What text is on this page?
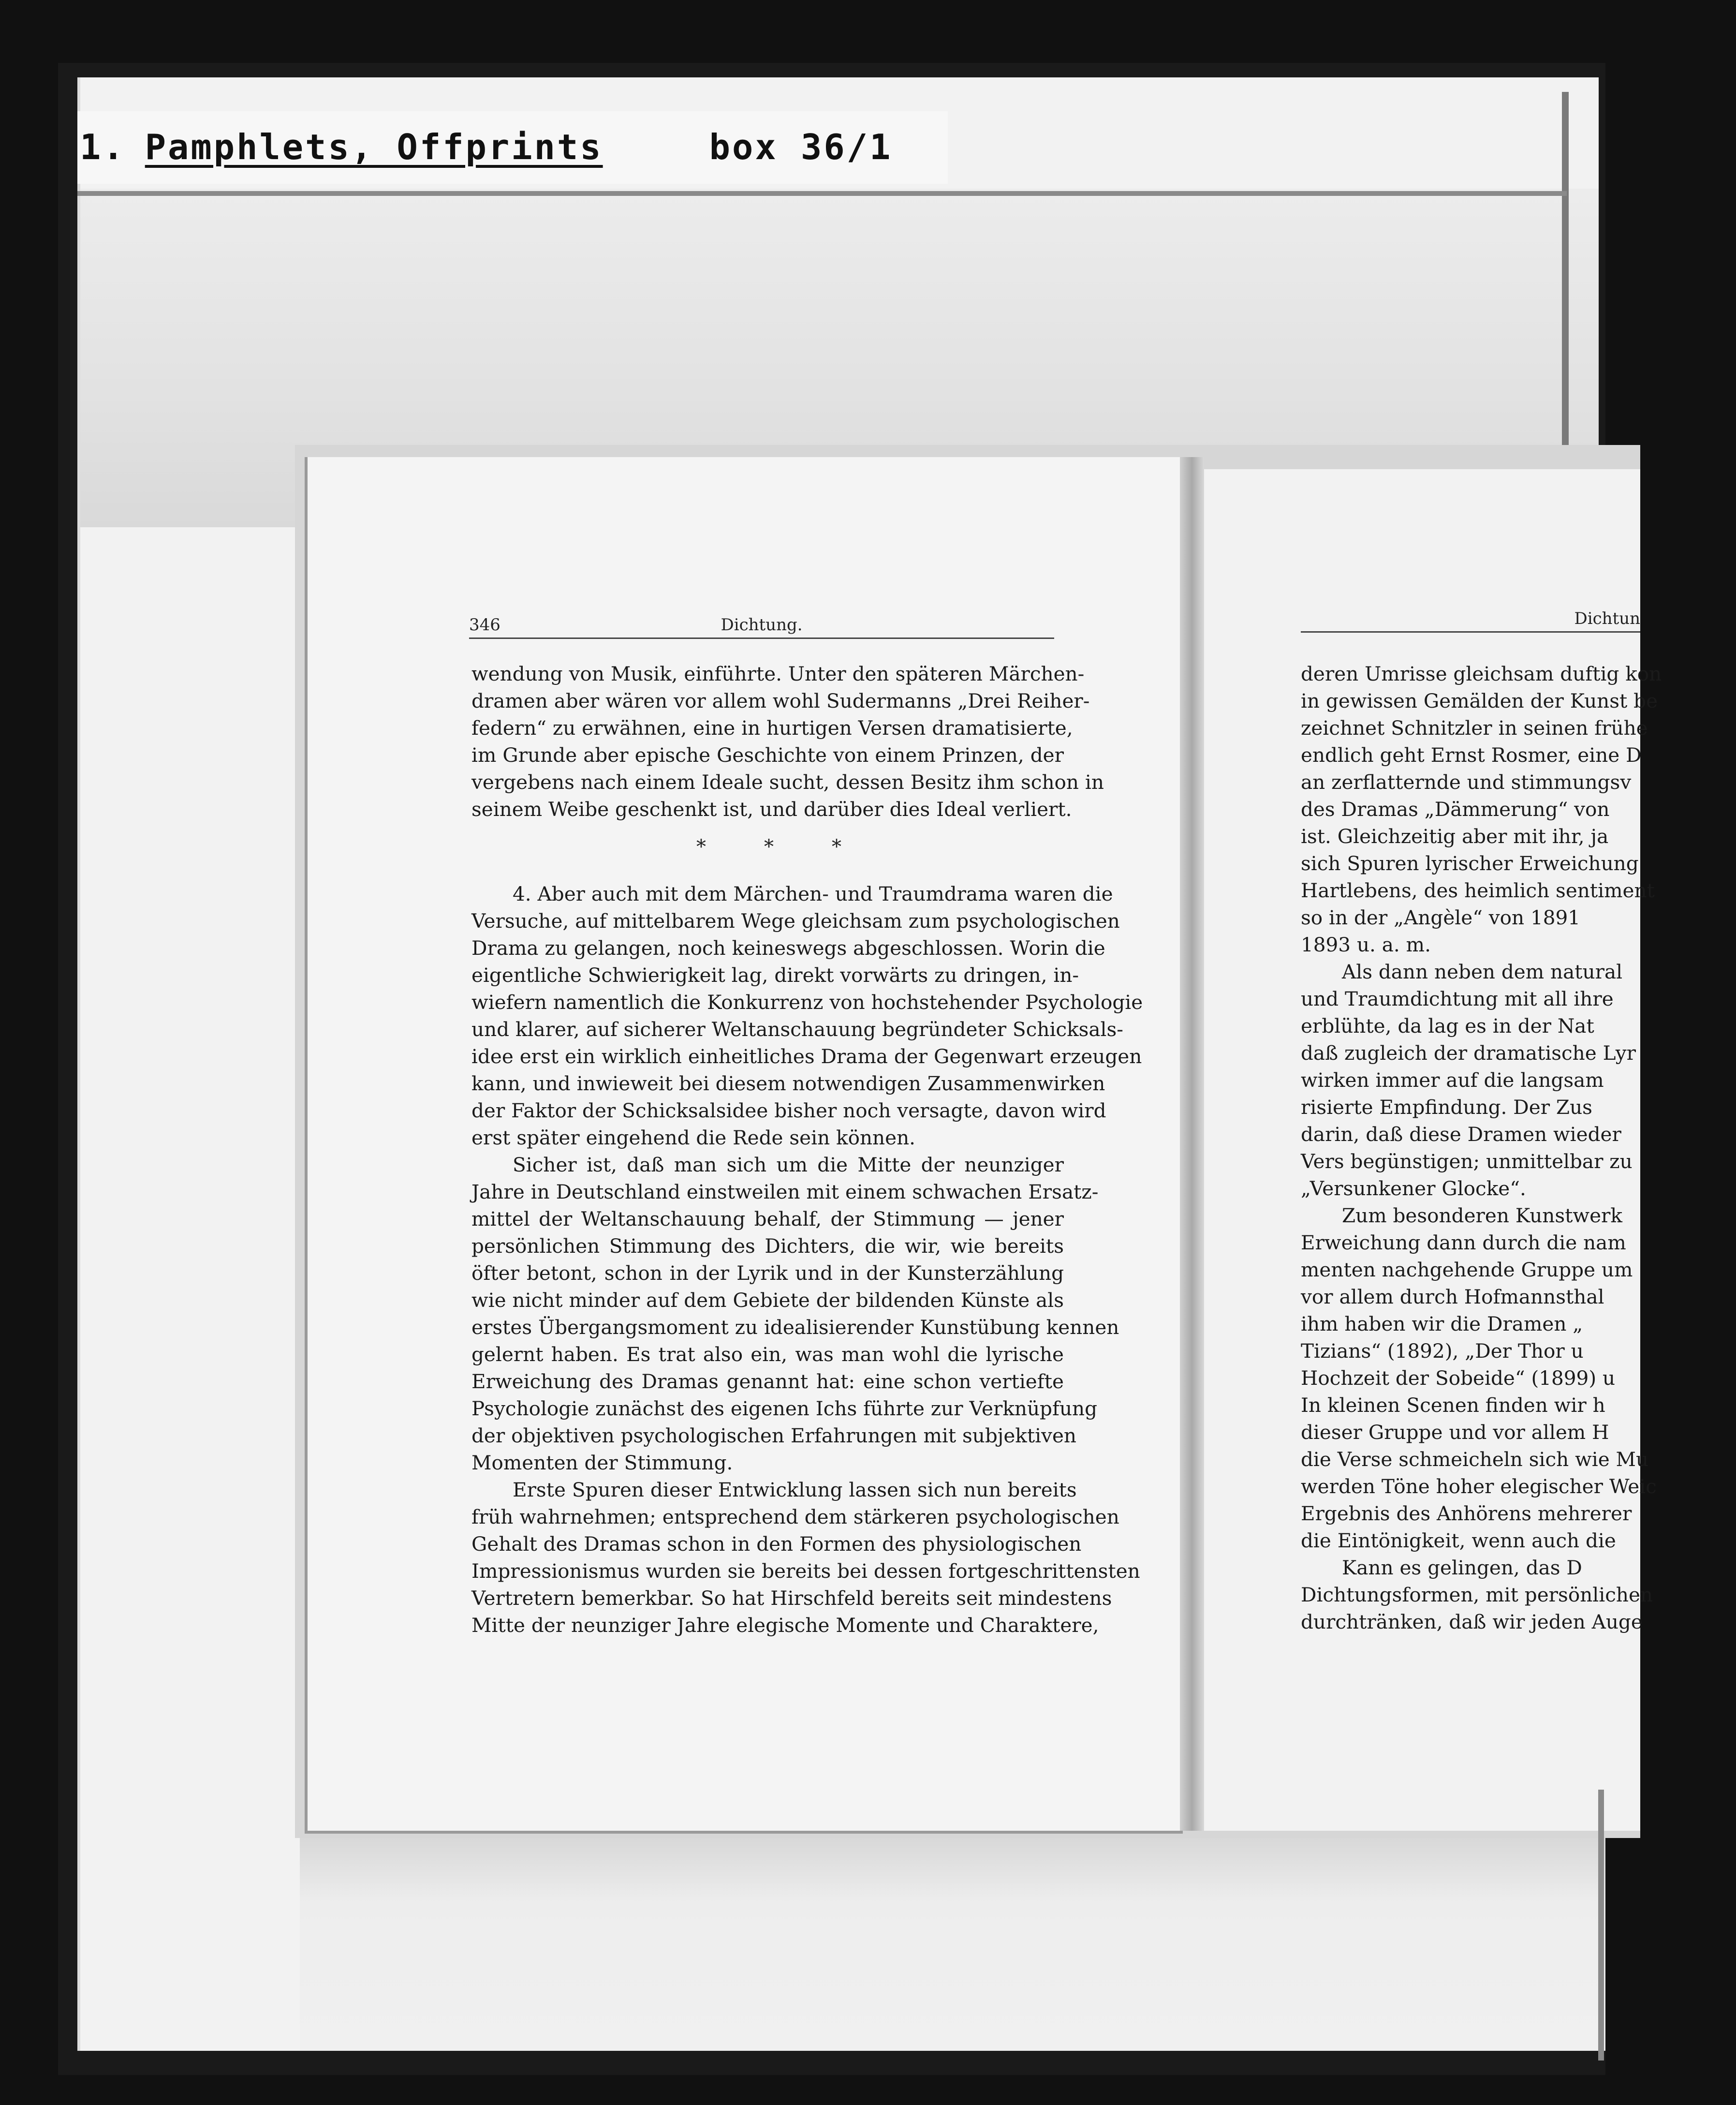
1. Pamphlets, Offprints	box 36/1
346	Dichtung.
wendung von Musik, einführte. Unter den späteren Märchen-
dramen aber wären vor allem wohl Sudermanns „Drei Reiher-
federn“ zu erwähnen, eine in hurtigen Versen dramatisierte,
im Grunde aber epische Geschichte von einem Prinzen, der
vergebens nach einem Ideale sucht, dessen Besitz ihm schon in
seinem Weibe geschenkt ist, und darüber dies Ideal verliert.
*	*	*
4. Aber auch mit dem Märchen- und Traumdrama waren die
Versuche, auf mittelbarem Wege gleichsam zum psychologischen
Drama zu gelangen, noch keineswegs abgeschlossen. Worin die
eigentliche Schwierigkeit lag, direkt vorwärts zu dringen, in-
wiefern namentlich die Konkurrenz von hochstehender Psychologie
und klarer, auf sicherer Weltanschauung begründeter Schicksals-
idee erst ein wirklich einheitliches Drama der Gegenwart erzeugen
kann, und inwieweit bei diesem notwendigen Zusammenwirken
der Faktor der Schicksalsidee bisher noch versagte, davon wird
erst später eingehend die Rede sein können.
Sicher ist, daß man sich um die Mitte der neunziger
Jahre in Deutschland einstweilen mit einem schwachen Ersatz-
mittel der Weltanschauung behalf, der Stimmung — jener
persönlichen Stimmung des Dichters, die wir, wie bereits
öfter betont, schon in der Lyrik und in der Kunsterzählung
wie nicht minder auf dem Gebiete der bildenden Künste als
erstes Übergangsmoment zu idealisierender Kunstübung kennen
gelernt haben. Es trat also ein, was man wohl die lyrische
Erweichung des Dramas genannt hat: eine schon vertiefte
Psychologie zunächst des eigenen Ichs führte zur Verknüpfung
der objektiven psychologischen Erfahrungen mit subjektiven
Momenten der Stimmung.
Erste Spuren dieser Entwicklung lassen sich nun bereits
früh wahrnehmen; entsprechend dem stärkeren psychologischen
Gehalt des Dramas schon in den Formen des physiologischen
Impressionismus wurden sie bereits bei dessen fortgeschrittensten
Vertretern bemerkbar. So hat Hirschfeld bereits seit mindestens
Mitte der neunziger Jahre elegische Momente und Charaktere,
Dichtun
deren Umrisse gleichsam duftig kon
in gewissen Gemälden der Kunst be
zeichnet Schnitzler in seinen frühe
endlich geht Ernst Rosmer, eine D
an zerflatternde und stimmungsv
des Dramas „Dämmerung“ von
ist. Gleichzeitig aber mit ihr, ja
sich Spuren lyrischer Erweichung
Hartlebens, des heimlich sentiment
so in der „Angèle“ von 1891
1893 u. a. m.
Als dann neben dem natural
und Traumdichtung mit all ihre
erblühte, da lag es in der Nat
daß zugleich der dramatische Lyr
wirken immer auf die langsam
risierte Empfindung. Der Zus
darin, daß diese Dramen wieder
Vers begünstigen; unmittelbar zu
„Versunkener Glocke“.
Zum besonderen Kunstwerk
Erweichung dann durch die nam
menten nachgehende Gruppe um
vor allem durch Hofmannsthal
ihm haben wir die Dramen „
Tizians“ (1892), „Der Thor u
Hochzeit der Sobeide“ (1899) u
In kleinen Scenen finden wir h
dieser Gruppe und vor allem H
die Verse schmeicheln sich wie Mu
werden Töne hoher elegischer Weic
Ergebnis des Anhörens mehrerer
die Eintönigkeit, wenn auch die
Kann es gelingen, das D
Dichtungsformen, mit persönlichen
durchtränken, daß wir jeden Auge
